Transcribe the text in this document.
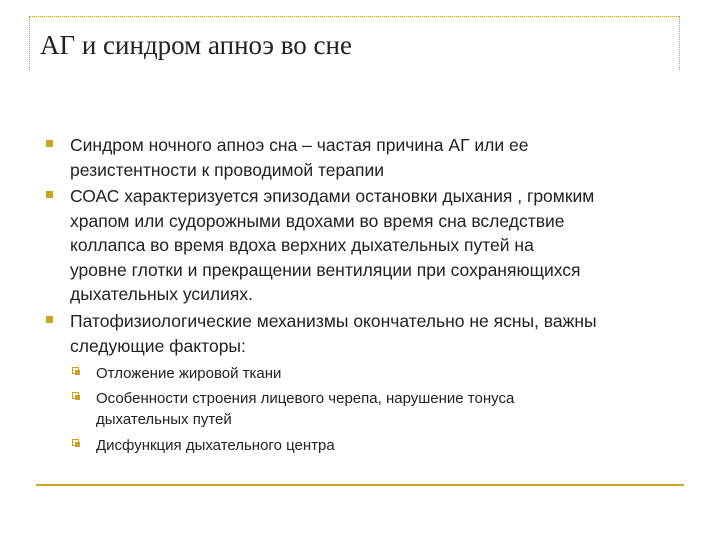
АГ и синдром апноэ во сне
Синдром ночного апноэ сна – частая причина АГ или ее
резистентности к проводимой терапии
СОАС характеризуется эпизодами остановки дыхания , громким
храпом или судорожными вдохами во время сна вследствие
коллапса во время вдоха верхних дыхательных путей на
уровне глотки и прекращении вентиляции при сохраняющихся
дыхательных усилиях.
Патофизиологические механизмы окончательно не ясны, важны
следующие факторы:
Отложение жировой ткани
Особенности строения лицевого черепа, нарушение тонуса
дыхательных путей
Дисфункция дыхательного центра
